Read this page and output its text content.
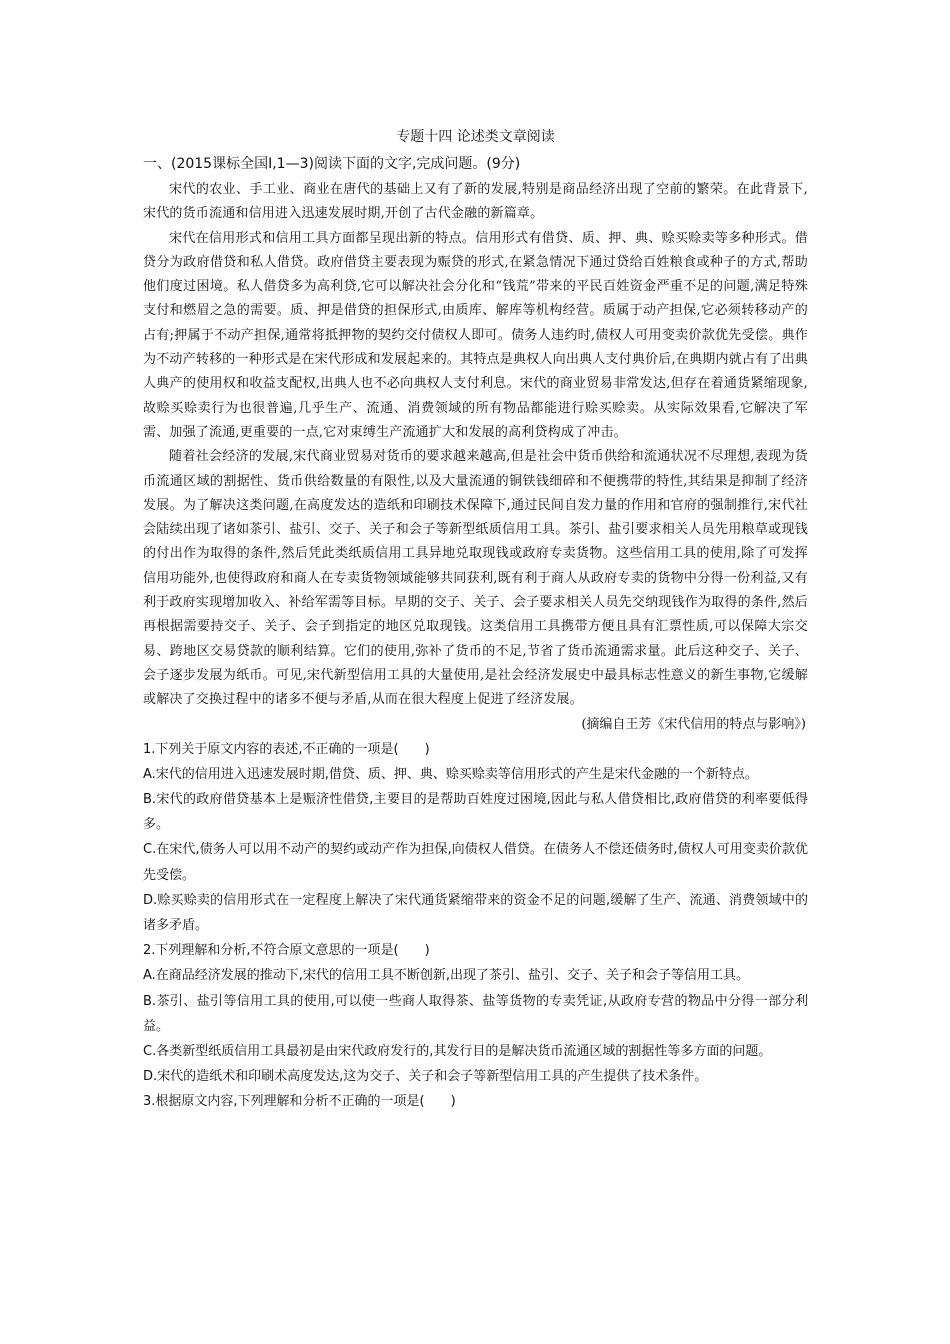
专题十四 论述类文章阅读

一、(2015课标全国Ⅰ,1—3)阅读下面的文字,完成问题。(9分)

宋代的农业、手工业、商业在唐代的基础上又有了新的发展,特别是商品经济出现了空前的繁荣。在此背景下,宋代的货币流通和信用进入迅速发展时期,开创了古代金融的新篇章。

宋代在信用形式和信用工具方面都呈现出新的特点。信用形式有借贷、质、押、典、赊买赊卖等多种形式。借贷分为政府借贷和私人借贷。政府借贷主要表现为赈贷的形式,在紧急情况下通过贷给百姓粮食或种子的方式,帮助他们度过困境。私人借贷多为高利贷,它可以解决社会分化和“钱荒”带来的平民百姓资金严重不足的问题,满足特殊支付和燃眉之急的需要。质、押是借贷的担保形式,由质库、解库等机构经营。质属于动产担保,它必须转移动产的占有;押属于不动产担保,通常将抵押物的契约交付债权人即可。债务人违约时,债权人可用变卖价款优先受偿。典作为不动产转移的一种形式是在宋代形成和发展起来的。其特点是典权人向出典人支付典价后,在典期内就占有了出典人典产的使用权和收益支配权,出典人也不必向典权人支付利息。宋代的商业贸易非常发达,但存在着通货紧缩现象,故赊买赊卖行为也很普遍,几乎生产、流通、消费领域的所有物品都能进行赊买赊卖。从实际效果看,它解决了军需、加强了流通,更重要的一点,它对束缚生产流通扩大和发展的高利贷构成了冲击。

随着社会经济的发展,宋代商业贸易对货币的要求越来越高,但是社会中货币供给和流通状况不尽理想,表现为货币流通区域的割据性、货币供给数量的有限性,以及大量流通的铜铁钱细碎和不便携带的特性,其结果是抑制了经济发展。为了解决这类问题,在高度发达的造纸和印刷技术保障下,通过民间自发力量的作用和官府的强制推行,宋代社会陆续出现了诸如茶引、盐引、交子、关子和会子等新型纸质信用工具。茶引、盐引要求相关人员先用粮草或现钱的付出作为取得的条件,然后凭此类纸质信用工具异地兑取现钱或政府专卖货物。这些信用工具的使用,除了可发挥信用功能外,也使得政府和商人在专卖货物领域能够共同获利,既有利于商人从政府专卖的货物中分得一份利益,又有利于政府实现增加收入、补给军需等目标。早期的交子、关子、会子要求相关人员先交纳现钱作为取得的条件,然后再根据需要持交子、关子、会子到指定的地区兑取现钱。这类信用工具携带方便且具有汇票性质,可以保障大宗交易、跨地区交易贷款的顺利结算。它们的使用,弥补了货币的不足,节省了货币流通需求量。此后这种交子、关子、会子逐步发展为纸币。可见,宋代新型信用工具的大量使用,是社会经济发展史中最具标志性意义的新生事物,它缓解或解决了交换过程中的诸多不便与矛盾,从而在很大程度上促进了经济发展。

(摘编自王芳《宋代信用的特点与影响》)

1.下列关于原文内容的表述,不正确的一项是(　　)

A.宋代的信用进入迅速发展时期,借贷、质、押、典、赊买赊卖等信用形式的产生是宋代金融的一个新特点。

B.宋代的政府借贷基本上是赈济性借贷,主要目的是帮助百姓度过困境,因此与私人借贷相比,政府借贷的利率要低得多。

C.在宋代,债务人可以用不动产的契约或动产作为担保,向债权人借贷。在债务人不偿还债务时,债权人可用变卖价款优先受偿。

D.赊买赊卖的信用形式在一定程度上解决了宋代通货紧缩带来的资金不足的问题,缓解了生产、流通、消费领域中的诸多矛盾。

2.下列理解和分析,不符合原文意思的一项是(　　)

A.在商品经济发展的推动下,宋代的信用工具不断创新,出现了茶引、盐引、交子、关子和会子等信用工具。

B.茶引、盐引等信用工具的使用,可以使一些商人取得茶、盐等货物的专卖凭证,从政府专营的物品中分得一部分利益。

C.各类新型纸质信用工具最初是由宋代政府发行的,其发行目的是解决货币流通区域的割据性等多方面的问题。

D.宋代的造纸术和印刷术高度发达,这为交子、关子和会子等新型信用工具的产生提供了技术条件。

3.根据原文内容,下列理解和分析不正确的一项是(　　)
